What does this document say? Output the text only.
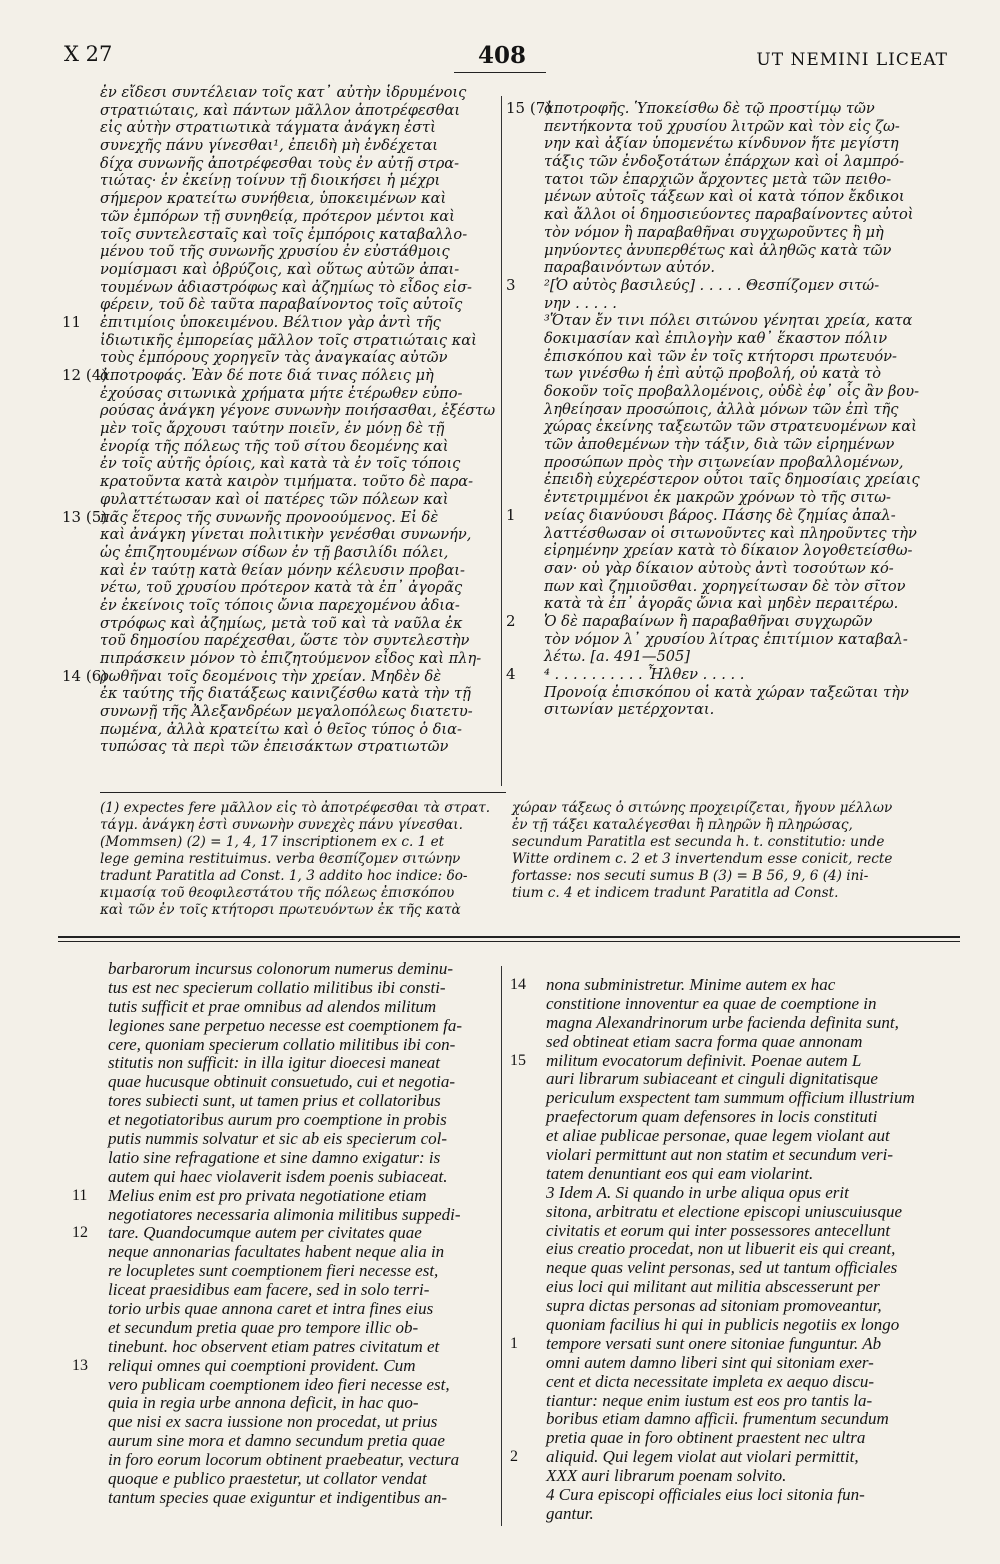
X 27	408	UT NEMINI LICEAT
ἐν εἴδεσι συντέλειαν τοῖς κατ᾽ αὐτὴν ἱδρυμένοις
στρατιώταις, καὶ πάντων μᾶλλον ἀποτρέφεσθαι
εἰς αὐτὴν στρατιωτικὰ τάγματα ἀνάγκη ἐστὶ
συνεχῆς πάνυ γίνεσθαι¹, ἐπειδὴ μὴ ἐνδέχεται
δίχα συνωνῆς ἀποτρέφεσθαι τοὺς ἐν αὐτῇ στρα-
τιώτας· ἐν ἐκείνῃ τοίνυν τῇ διοικήσει ἡ μέχρι
σήμερον κρατείτω συνήθεια, ὑποκειμένων καὶ
τῶν ἐμπόρων τῇ συνηθείᾳ, πρότερον μέντοι καὶ
τοῖς συντελεσταῖς καὶ τοῖς ἐμπόροις καταβαλλο-
μένου τοῦ τῆς συνωνῆς χρυσίου ἐν εὐστάθμοις
νομίσμασι καὶ ὀβρύζοις, καὶ οὕτως αὐτῶν ἀπαι-
τουμένων ἀδιαστρόφως καὶ ἀζημίως τὸ εἶδος εἰσ-
φέρειν, τοῦ δὲ ταῦτα παραβαίνοντος τοῖς αὐτοῖς
11 ἐπιτιμίοις ὑποκειμένου. Βέλτιον γὰρ ἀντὶ τῆς
ἰδιωτικῆς ἐμπορείας μᾶλλον τοῖς στρατιώταις καὶ
τοὺς ἐμπόρους χορηγεῖν τὰς ἀναγκαίας αὐτῶν
12 (4)
ἀποτροφάς. Ἐὰν δέ ποτε διά τινας πόλεις μὴ
ἐχούσας σιτωνικὰ χρήματα μήτε ἑτέρωθεν εὐπο-
ρούσας ἀνάγκη γέγονε συνωνὴν ποιήσασθαι, ἐξέστω
μὲν τοῖς ἄρχουσι ταύτην ποιεῖν, ἐν μόνῃ δὲ τῇ
ἐνορίᾳ τῆς πόλεως τῆς τοῦ σίτου δεομένης καὶ
ἐν τοῖς αὐτῆς ὁρίοις, καὶ κατὰ τὰ ἐν τοῖς τόποις
κρατοῦντα κατὰ καιρὸν τιμήματα. τοῦτο δὲ παρα-
φυλαττέτωσαν καὶ οἱ πατέρες τῶν πόλεων καὶ
13 (5)
πᾶς ἕτερος τῆς συνωνῆς προνοούμενος. Εἰ δὲ
καὶ ἀνάγκη γίνεται πολιτικὴν γενέσθαι συνωνήν,
ὡς ἐπιζητουμένων σίδων ἐν τῇ βασιλίδι πόλει,
καὶ ἐν ταύτῃ κατὰ θείαν μόνην κέλευσιν προβαι-
νέτω, τοῦ χρυσίου πρότερον κατὰ τὰ ἐπ᾽ ἀγορᾶς
ἐν ἐκείνοις τοῖς τόποις ὤνια παρεχομένου ἀδια-
στρόφως καὶ ἀζημίως, μετὰ τοῦ καὶ τὰ ναῦλα ἐκ
τοῦ δημοσίου παρέχεσθαι, ὥστε τὸν συντελεστὴν
πιπράσκειν μόνον τὸ ἐπιζητούμενον εἶδος καὶ πλη-
14 (6)
ρωθῆναι τοῖς δεομένοις τὴν χρείαν. Μηδὲν δὲ
ἐκ ταύτης τῆς διατάξεως καινιζέσθω κατὰ τὴν τῇ
συνωνῇ τῆς Ἀλεξανδρέων μεγαλοπόλεως διατετυ-
πωμένα, ἀλλὰ κρατείτω καὶ ὁ θεῖος τύπος ὁ δια-
τυπώσας τὰ περὶ τῶν ἐπεισάκτων στρατιωτῶν
15 (7)
ἀποτροφῆς. Ὑποκείσθω δὲ τῷ προστίμῳ τῶν
πεντήκοντα τοῦ χρυσίου λιτρῶν καὶ τὸν εἰς ζω-
νην καὶ ἀξίαν ὑπομενέτω κίνδυνον ἥτε μεγίστη
τάξις τῶν ἐνδοξοτάτων ἐπάρχων καὶ οἱ λαμπρό-
τατοι τῶν ἐπαρχιῶν ἄρχοντες μετὰ τῶν πειθο-
μένων αὐτοῖς τάξεων καὶ οἱ κατὰ τόπον ἔκδικοι
καὶ ἄλλοι οἱ δημοσιεύοντες παραβαίνοντες αὐτοὶ
τὸν νόμον ἢ παραβαθῆναι συγχωροῦντες ἢ μὴ
μηνύοντες ἀνυπερθέτως καὶ ἀληθῶς κατὰ τῶν
παραβαινόντων αὐτόν.
3 ²[Ὁ αὐτὸς βασιλεύς] . . . . . Θεσπίζομεν σιτώ-
νην . . . . .
³Ὅταν ἔν τινι πόλει σιτώνου γένηται χρεία, κατα
δοκιμασίαν καὶ ἐπιλογὴν καθ᾽ ἕκαστον πόλιν
ἐπισκόπου καὶ τῶν ἐν τοῖς κτήτορσι πρωτευόν-
των γινέσθω ἡ ἐπὶ αὐτῷ προβολή, οὐ κατὰ τὸ
δοκοῦν τοῖς προβαλλομένοις, οὐδὲ ἐφ᾽ οἷς ἂν βου-
ληθείησαν προσώποις, ἀλλὰ μόνων τῶν ἐπὶ τῆς
χώρας ἐκείνης ταξεωτῶν τῶν στρατευομένων καὶ
τῶν ἀποθεμένων τὴν τάξιν, διὰ τῶν εἰρημένων
προσώπων πρὸς τὴν σιτωνείαν προβαλλομένων,
ἐπειδὴ εὐχερέστερον οὗτοι ταῖς δημοσίαις χρείαις
ἐντετριμμένοι ἐκ μακρῶν χρόνων τὸ τῆς σιτω-
1 νείας διανύουσι βάρος. Πάσης δὲ ζημίας ἀπαλ-
λαττέσθωσαν οἱ σιτωνοῦντες καὶ πληροῦντες τὴν
εἰρημένην χρείαν κατὰ τὸ δίκαιον λογοθετείσθω-
σαν· οὐ γὰρ δίκαιον αὐτοὺς ἀντὶ τοσούτων κό-
πων καὶ ζημιοῦσθαι. χορηγείτωσαν δὲ τὸν σῖτον
κατὰ τὰ ἐπ᾽ ἀγορᾶς ὤνια καὶ μηδὲν περαιτέρω.
2 Ὁ δὲ παραβαίνων ἢ παραβαθῆναι συγχωρῶν
τὸν νόμον λ᾽ χρυσίου λίτρας ἐπιτίμιον καταβαλ-
λέτω. [a. 491—505]
4 ⁴ . . . . . . . . . . Ἦλθεν . . . . .
Προνοίᾳ ἐπισκόπου οἱ κατὰ χώραν ταξεῶται τὴν
σιτωνίαν μετέρχονται.
(1) expectes fere μᾶλλον εἰς τὸ ἀποτρέφεσθαι τὰ στρατ.
τάγμ. ἀνάγκη ἐστὶ συνωνὴν συνεχὲς πάνυ γίνεσθαι.
(Mommsen) (2) = 1, 4, 17 inscriptionem ex c. 1 et
lege gemina restituimus. verba θεσπίζομεν σιτώνην
tradunt Paratitla ad Const. 1, 3 addito hoc indice: δο-
κιμασίᾳ τοῦ θεοφιλεστάτου τῆς πόλεως ἐπισκόπου
καὶ τῶν ἐν τοῖς κτήτορσι πρωτευόντων ἐκ τῆς κατὰ
χώραν τάξεως ὁ σιτώνης προχειρίζεται, ἤγουν μέλλων
ἐν τῇ τάξει καταλέγεσθαι ἢ πληρῶν ἢ πληρώσας,
secundum Paratitla est secunda h. t. constitutio: unde
Witte ordinem c. 2 et 3 invertendum esse conicit, recte
fortasse: nos secuti sumus B (3) = B 56, 9, 6 (4) ini-
tium c. 4 et indicem tradunt Paratitla ad Const.
barbarorum incursus colonorum numerus deminu-
tus est nec specierum collatio militibus ibi consti-
tutis sufficit et prae omnibus ad alendos militum
legiones sane perpetuo necesse est coemptionem fa-
cere, quoniam specierum collatio militibus ibi con-
stitutis non sufficit: in illa igitur dioecesi maneat
quae hucusque obtinuit consuetudo, cui et negotia-
tores subiecti sunt, ut tamen prius et collatoribus
et negotiatoribus aurum pro coemptione in probis
putis nummis solvatur et sic ab eis specierum col-
latio sine refragatione et sine damno exigatur: is
autem qui haec violaverit isdem poenis subiaceat.
11 Melius enim est pro privata negotiatione etiam
negotiatores necessaria alimonia militibus suppedi-
12 tare. Quandocumque autem per civitates quae
neque annonarias facultates habent neque alia in
re locupletes sunt coemptionem fieri necesse est,
liceat praesidibus eam facere, sed in solo terri-
torio urbis quae annona caret et intra fines eius
et secundum pretia quae pro tempore illic ob-
tinebunt. hoc observent etiam patres civitatum et
13 reliqui omnes qui coemptioni provident. Cum
vero publicam coemptionem ideo fieri necesse est,
quia in regia urbe annona deficit, in hac quo-
que nisi ex sacra iussione non procedat, ut prius
aurum sine mora et damno secundum pretia quae
in foro eorum locorum obtinent praebeatur, vectura
quoque e publico praestetur, ut collator vendat
tantum species quae exiguntur et indigentibus an-
14 nona subministretur. Minime autem ex hac
constitione innoventur ea quae de coemptione in
magna Alexandrinorum urbe facienda definita sunt,
sed obtineat etiam sacra forma quae annonam
15 militum evocatorum definivit. Poenae autem L
auri librarum subiaceant et cinguli dignitatisque
periculum exspectent tam summum officium illustrium
praefectorum quam defensores in locis constituti
et aliae publicae personae, quae legem violant aut
violari permittunt aut non statim et secundum veri-
tatem denuntiant eos qui eam violarint.
3 Idem A. Si quando in urbe aliqua opus erit
sitona, arbitratu et electione episcopi uniuscuiusque
civitatis et eorum qui inter possessores antecellunt
eius creatio procedat, non ut libuerit eis qui creant,
neque quas velint personas, sed ut tantum officiales
eius loci qui militant aut militia abscesserunt per
supra dictas personas ad sitoniam promoveantur,
quoniam facilius hi qui in publicis negotiis ex longo
1 tempore versati sunt onere sitoniae funguntur. Ab
omni autem damno liberi sint qui sitoniam exer-
cent et dicta necessitate impleta ex aequo discu-
tiantur: neque enim iustum est eos pro tantis la-
boribus etiam damno afficii. frumentum secundum
pretia quae in foro obtinent praestent nec ultra
2 aliquid. Qui legem violat aut violari permittit,
XXX auri librarum poenam solvito.
4 Cura episcopi officiales eius loci sitonia fun-
gantur.
